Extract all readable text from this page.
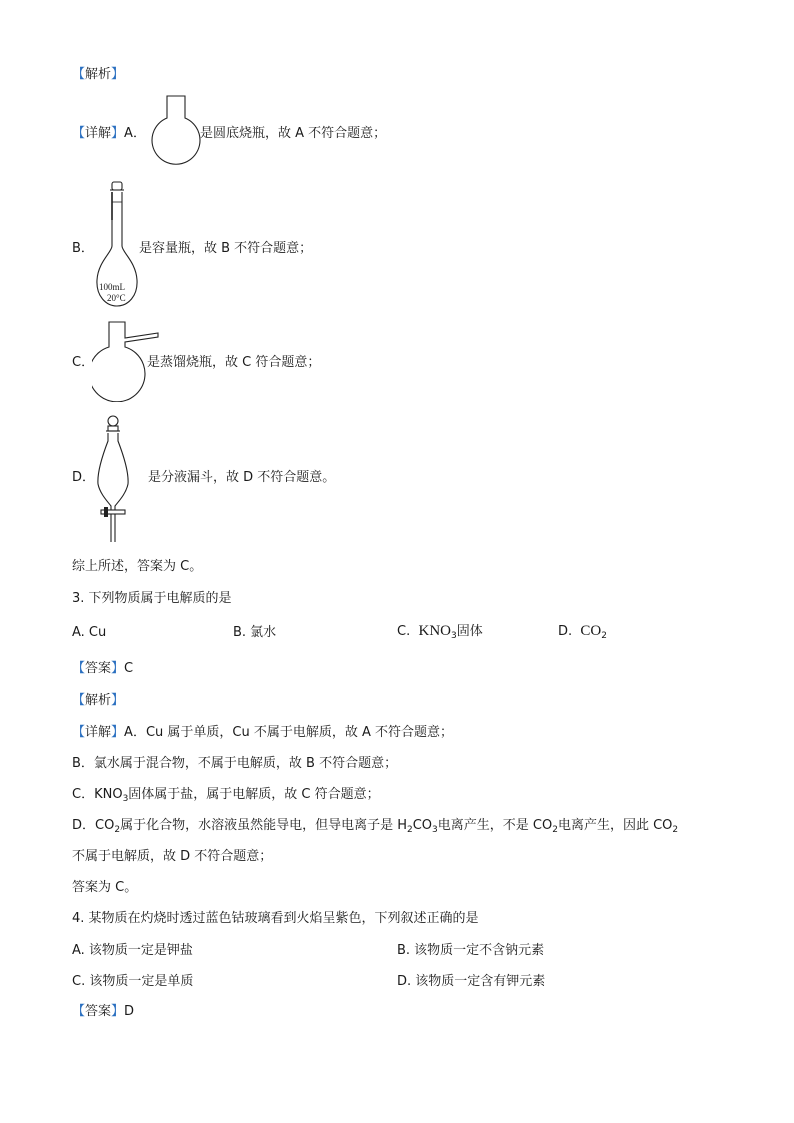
【解析】
【详解】A．	是圆底烧瓶，故 A 不符合题意；
B．
100mL
20°C
是容量瓶，故 B 不符合题意；
C．	是蒸馏烧瓶，故 C 符合题意；
D．	是分液漏斗，故 D 不符合题意。
综上所述，答案为 C。
3. 下列物质属于电解质的是
A. Cu	B. 氯水	C. $KNO_3$固体	D. $CO_2$
【答案】C
【解析】
【详解】A．Cu 属于单质，Cu 不属于电解质，故 A 不符合题意；
B．氯水属于混合物，不属于电解质，故 B 不符合题意；
C．$KNO_3$固体属于盐，属于电解质，故 C 符合题意；
D．$CO_2$属于化合物，水溶液虽然能导电，但导电离子是 $H_2CO_3$电离产生，不是 $CO_2$电离产生，因此 $CO_2$
不属于电解质，故 D 不符合题意；
答案为 C。
4. 某物质在灼烧时透过蓝色钴玻璃看到火焰呈紫色，下列叙述正确的是
A. 该物质一定是钾盐	B. 该物质一定不含钠元素
C. 该物质一定是单质	D. 该物质一定含有钾元素
【答案】D
